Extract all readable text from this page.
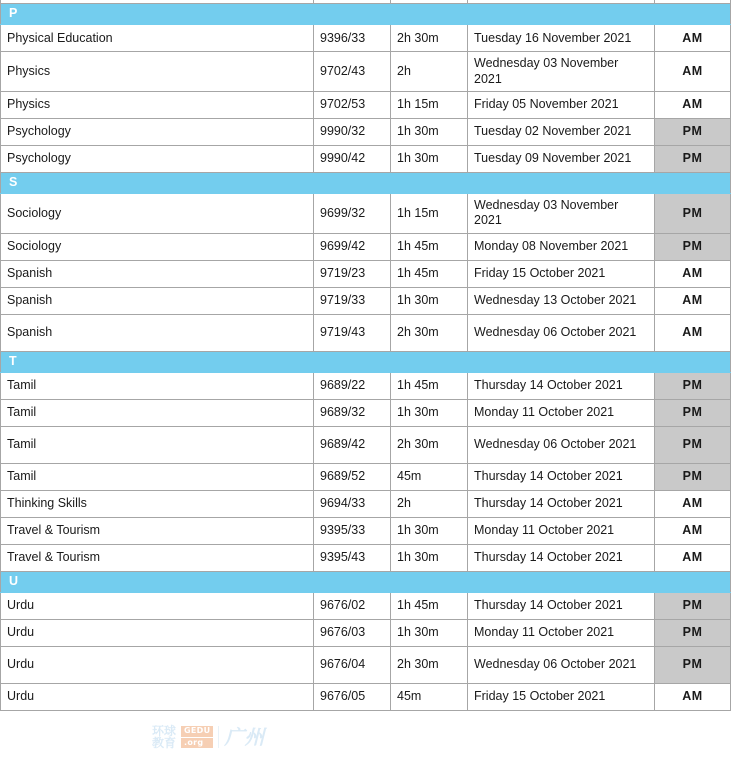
P				
Physical Education	9396/33	2h 30m	Tuesday 16 November 2021	AM
Physics	9702/43	2h	Wednesday 03 November 2021	AM
Physics	9702/53	1h 15m	Friday 05 November 2021	AM
Psychology	9990/32	1h 30m	Tuesday 02 November 2021	PM
Psychology	9990/42	1h 30m	Tuesday 09 November 2021	PM
S				
Sociology	9699/32	1h 15m	Wednesday 03 November 2021	PM
Sociology	9699/42	1h 45m	Monday 08 November 2021	PM
Spanish	9719/23	1h 45m	Friday 15 October 2021	AM
Spanish	9719/33	1h 30m	Wednesday 13 October 2021	AM
Spanish	9719/43	2h 30m	Wednesday 06 October 2021	AM
T				
Tamil	9689/22	1h 45m	Thursday 14 October 2021	PM
Tamil	9689/32	1h 30m	Monday 11 October 2021	PM
Tamil	9689/42	2h 30m	Wednesday 06 October 2021	PM
Tamil	9689/52	45m	Thursday 14 October 2021	PM
Thinking Skills	9694/33	2h	Thursday 14 October 2021	AM
Travel & Tourism	9395/33	1h 30m	Monday 11 October 2021	AM
Travel & Tourism	9395/43	1h 30m	Thursday 14 October 2021	AM
U				
Urdu	9676/02	1h 45m	Thursday 14 October 2021	PM
Urdu	9676/03	1h 30m	Monday 11 October 2021	PM
Urdu	9676/04	2h 30m	Wednesday 06 October 2021	PM
Urdu	9676/05	45m	Friday 15 October 2021	AM
环球
教育
GEDU
.org	广州
